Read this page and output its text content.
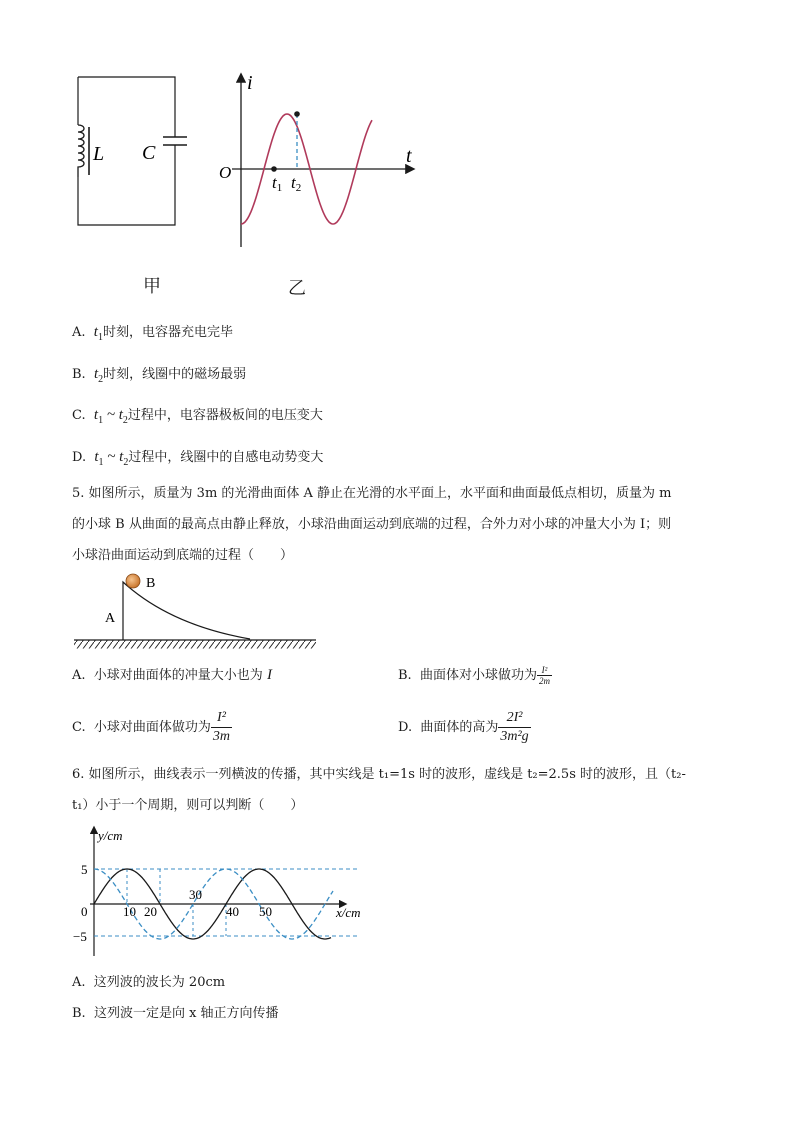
L C
i
t
O
t1 t2
甲	乙
A. $t_1$时刻，电容器充电完毕
B. $t_2$时刻，线圈中的磁场最弱
C. $t_1$ ~ $t_2$过程中，电容器极板间的电压变大
D. $t_1$ ~ $t_2$过程中，线圈中的自感电动势变大
5. 如图所示，质量为 3m 的光滑曲面体 A 静止在光滑的水平面上，水平面和曲面最低点相切，质量为 m
的小球 B 从曲面的最高点由静止释放，小球沿曲面运动到底端的过程，合外力对小球的冲量大小为 I；则
小球沿曲面运动到底端的过程（　　）
B
A
A. 小球对曲面体的冲量大小也为 I	B. 曲面体对小球做功为 $\frac{\text{I²}}{2m}$
C. 小球对曲面体做功为 $\frac{\text{I²}}{3m}$	D. 曲面体的高为 $\frac{\text{2I²}}{\text{3m²g}}$
6. 如图所示，曲线表示一列横波的传播，其中实线是 t₁=1s 时的波形，虚线是 t₂=2.5s 时的波形，且（t₂-
t₁）小于一个周期，则可以判断（　　）
y/cm
x/cm
5
−5
0	10 20
30
40 50
A. 这列波的波长为 20cm
B. 这列波一定是向 x 轴正方向传播
